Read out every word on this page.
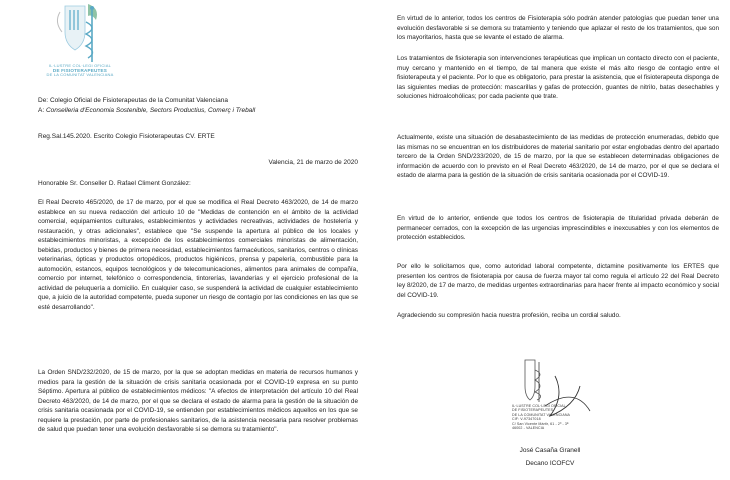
IL·LUSTRE COL·LEGI OFICIAL
DE FISIOTERAPEUTES
DE LA COMUNITAT VALENCIANA
De: Colegio Oficial de Fisioterapeutas de la Comunitat Valenciana
A: Conselleria d'Economia Sostenible, Sectors Productius, Comerç i Treball
Reg.Sal.145.2020. Escrito Colegio Fisioterapeutas CV. ERTE
Valencia, 21 de marzo de 2020
Honorable Sr. Conseller D. Rafael Climent González:
El Real Decreto 465/2020, de 17 de marzo, por el que se modifica el Real Decreto 463/2020, de 14 de marzo establece en su nueva redacción del artículo 10 de "Medidas de contención en el ámbito de la actividad comercial, equipamientos culturales, establecimientos y actividades recreativas, actividades de hostelería y restauración, y otras adicionales", establece que "Se suspende la apertura al público de los locales y establecimientos minoristas, a excepción de los establecimientos comerciales minoristas de alimentación, bebidas, productos y bienes de primera necesidad, establecimientos farmacéuticos, sanitarios, centros o clínicas veterinarias, ópticas y productos ortopédicos, productos higiénicos, prensa y papelería, combustible para la automoción, estancos, equipos tecnológicos y de telecomunicaciones, alimentos para animales de compañía, comercio por internet, telefónico o correspondencia, tintorerías, lavanderías y el ejercicio profesional de la actividad de peluquería a domicilio. En cualquier caso, se suspenderá la actividad de cualquier establecimiento que, a juicio de la autoridad competente, pueda suponer un riesgo de contagio por las condiciones en las que se esté desarrollando".
La Orden SND/232/2020, de 15 de marzo, por la que se adoptan medidas en materia de recursos humanos y medios para la gestión de la situación de crisis sanitaria ocasionada por el COVID-19 expresa en su punto Séptimo. Apertura al público de establecimientos médicos: "A efectos de interpretación del artículo 10 del Real Decreto 463/2020, de 14 de marzo, por el que se declara el estado de alarma para la gestión de la situación de crisis sanitaria ocasionada por el COVID-19, se entienden por establecimientos médicos aquellos en los que se requiere la prestación, por parte de profesionales sanitarios, de la asistencia necesaria para resolver problemas de salud que puedan tener una evolución desfavorable si se demora su tratamiento".
En virtud de lo anterior, todos los centros de Fisioterapia sólo podrán atender patologías que puedan tener una evolución desfavorable si se demora su tratamiento y teniendo que aplazar el resto de los tratamientos, que son los mayoritarios, hasta que se levante el estado de alarma.
Los tratamientos de fisioterapia son intervenciones terapéuticas que implican un contacto directo con el paciente, muy cercano y mantenido en el tiempo, de tal manera que existe el más alto riesgo de contagio entre el fisioterapeuta y el paciente. Por lo que es obligatorio, para prestar la asistencia, que el fisioterapeuta disponga de las siguientes medias de protección: mascarillas y gafas de protección, guantes de nitrilo, batas desechables y soluciones hidroalcohólicas; por cada paciente que trate.
Actualmente, existe una situación de desabastecimiento de las medidas de protección enumeradas, debido que las mismas no se encuentran en los distribuidores de material sanitario por estar englobadas dentro del apartado tercero de la Orden SND/233/2020, de 15 de marzo, por la que se establecen determinadas obligaciones de información de acuerdo con lo previsto en el Real Decreto 463/2020, de 14 de marzo, por el que se declara el estado de alarma para la gestión de la situación de crisis sanitaria ocasionada por el COVID-19.
En virtud de lo anterior, entiende que todos los centros de fisioterapia de titularidad privada deberán de permanecer cerrados, con la excepción de las urgencias imprescindibles e inexcusables y con los elementos de protección establecidos.
Por ello le solicitamos que, como autoridad laboral competente, dictamine positivamente los ERTES que presenten los centros de fisioterapia por causa de fuerza mayor tal como regula el artículo 22 del Real Decreto ley 8/2020, de 17 de marzo, de medidas urgentes extraordinarias para hacer frente al impacto económico y social del COVID-19.
Agradeciendo su compresión hacia nuestra profesión, reciba un cordial saludo.
IL·LUSTRE COL·LEGI OFICIAL
DE FISIOTERAPEUTES
DE LA COMUNITAT VALENCIANA
CIF: V-97347018
C/ San Vicente Mártir, 61 - 2º - 3ª
46002 - VALENCIA
José Casaña Granell
Decano ICOFCV
